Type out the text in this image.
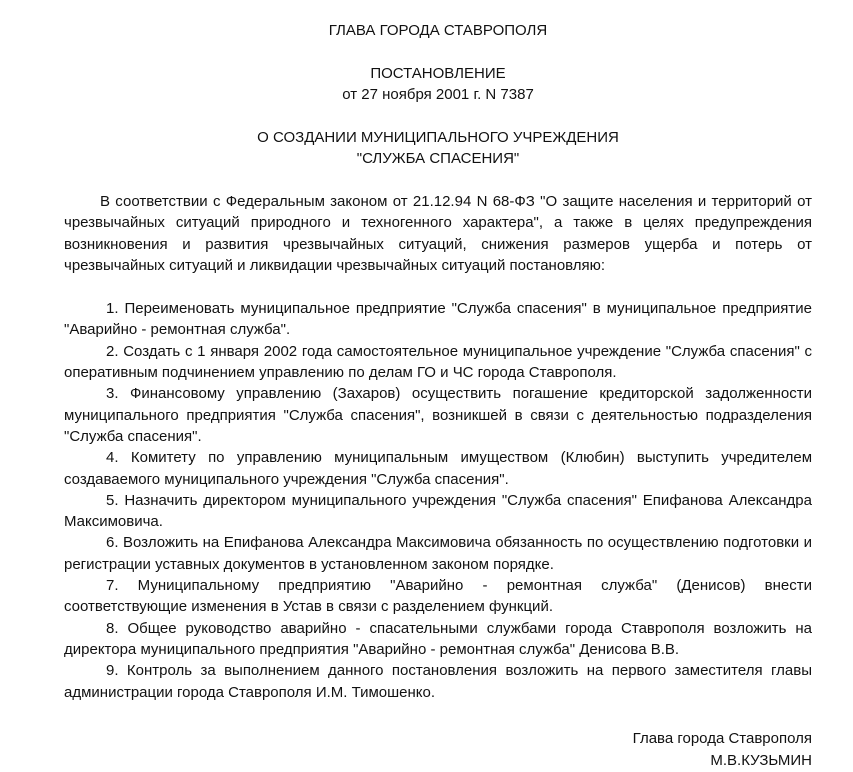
ГЛАВА ГОРОДА СТАВРОПОЛЯ

ПОСТАНОВЛЕНИЕ

от 27 ноября 2001 г. N 7387

О СОЗДАНИИ МУНИЦИПАЛЬНОГО УЧРЕЖДЕНИЯ

"СЛУЖБА СПАСЕНИЯ"

В соответствии с Федеральным законом от 21.12.94 N 68-ФЗ "О защите населения и территорий от чрезвычайных ситуаций природного и техногенного характера", а также в целях предупреждения возникновения и развития чрезвычайных ситуаций, снижения размеров ущерба и потерь от чрезвычайных ситуаций и ликвидации чрезвычайных ситуаций постановляю:

1. Переименовать муниципальное предприятие "Служба спасения" в муниципальное предприятие "Аварийно - ремонтная служба".

2. Создать с 1 января 2002 года самостоятельное муниципальное учреждение "Служба спасения" с оперативным подчинением управлению по делам ГО и ЧС города Ставрополя.

3. Финансовому управлению (Захаров) осуществить погашение кредиторской задолженности муниципального предприятия "Служба спасения", возникшей в связи с деятельностью подразделения "Служба спасения".

4. Комитету по управлению муниципальным имуществом (Клюбин) выступить учредителем создаваемого муниципального учреждения "Служба спасения".

5. Назначить директором муниципального учреждения "Служба спасения" Епифанова Александра Максимовича.

6. Возложить на Епифанова Александра Максимовича обязанность по осуществлению подготовки и регистрации уставных документов в установленном законом порядке.

7. Муниципальному предприятию "Аварийно - ремонтная служба" (Денисов) внести соответствующие изменения в Устав в связи с разделением функций.

8. Общее руководство аварийно - спасательными службами города Ставрополя возложить на директора муниципального предприятия "Аварийно - ремонтная служба" Денисова В.В.

9. Контроль за выполнением данного постановления возложить на первого заместителя главы администрации города Ставрополя И.М. Тимошенко.

Глава города Ставрополя
М.В.КУЗЬМИН
